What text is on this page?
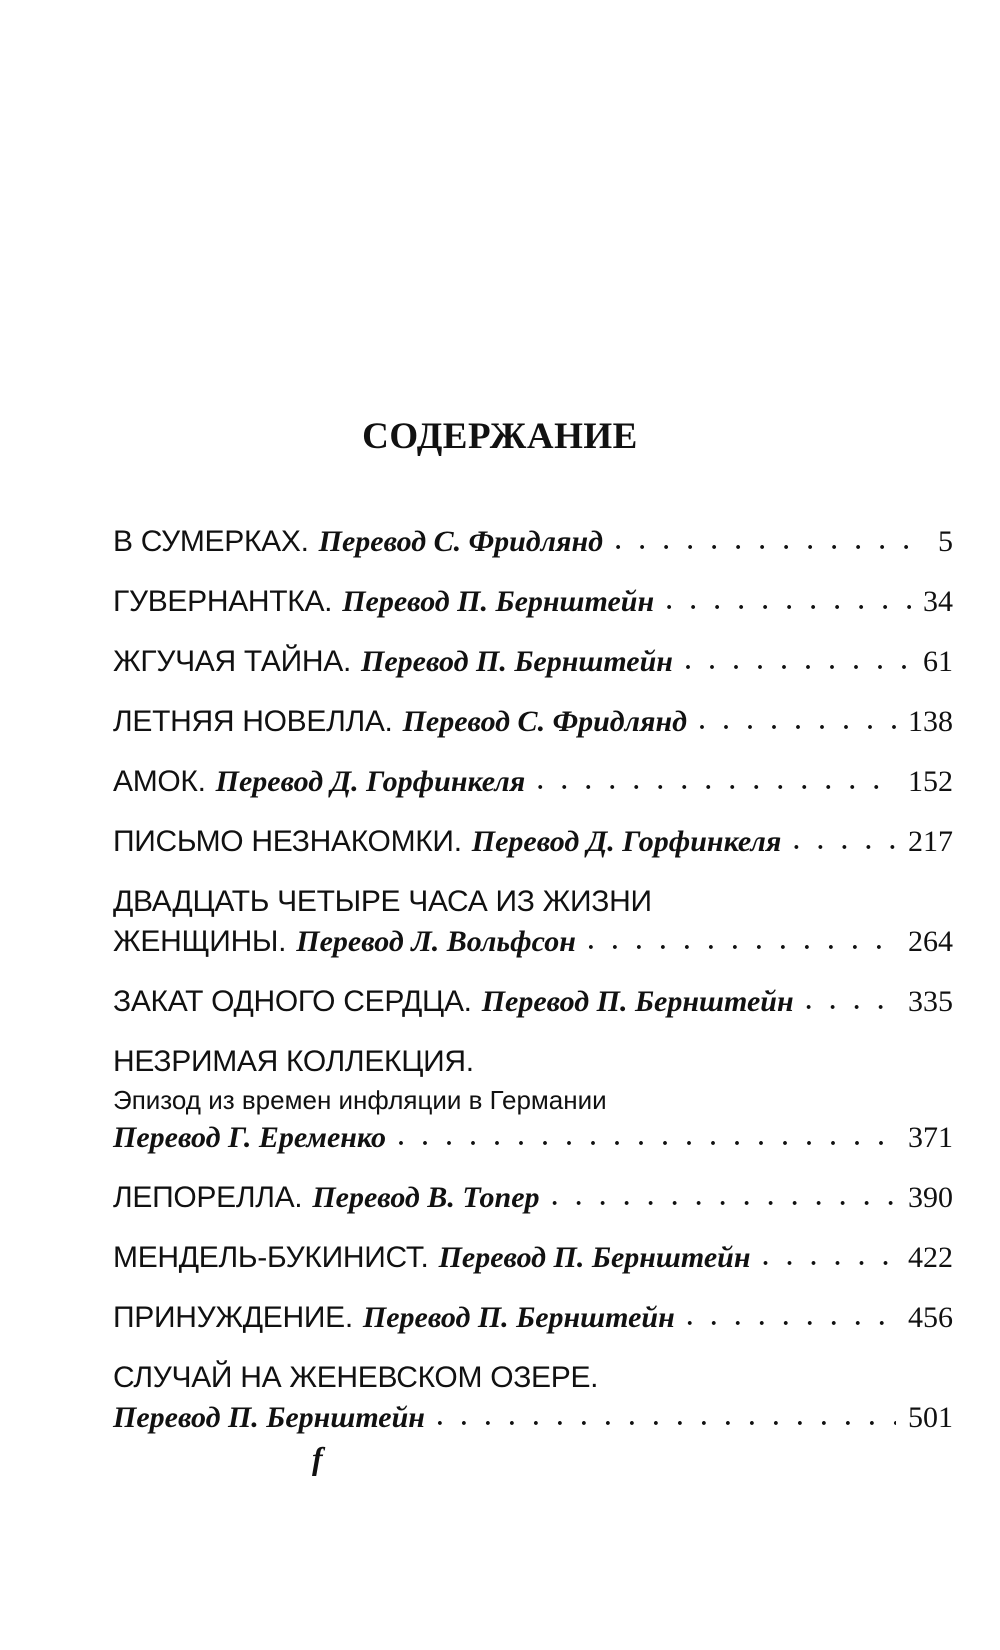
СОДЕРЖАНИЕ
В СУМЕРКАХ. Перевод С. Фридлянд . . .	5
ГУВЕРНАНТКА. Перевод П. Бернштейн . . .	34
ЖГУЧАЯ ТАЙНА. Перевод П. Бернштейн . . .	61
ЛЕТНЯЯ НОВЕЛЛА. Перевод С. Фридлянд . . .	138
АМОК. Перевод Д. Горфинкеля . . .	152
ПИСЬМО НЕЗНАКОМКИ. Перевод Д. Горфинкеля . . .	217
ДВАДЦАТЬ ЧЕТЫРЕ ЧАСА ИЗ ЖИЗНИ
ЖЕНЩИНЫ. Перевод Л. Вольфсон . . .	264
ЗАКАТ ОДНОГО СЕРДЦА. Перевод П. Бернштейн . . .	335
НЕЗРИМАЯ КОЛЛЕКЦИЯ.
Эпизод из времен инфляции в Германии
Перевод Г. Еременко . . .	371
ЛЕПОРЕЛЛА. Перевод В. Топер . . .	390
МЕНДЕЛЬ-БУКИНИСТ. Перевод П. Бернштейн . . .	422
ПРИНУЖДЕНИЕ. Перевод П. Бернштейн . . .	456
СЛУЧАЙ НА ЖЕНЕВСКОМ ОЗЕРЕ.
Перевод П. Бернштейн . . .	501
f
